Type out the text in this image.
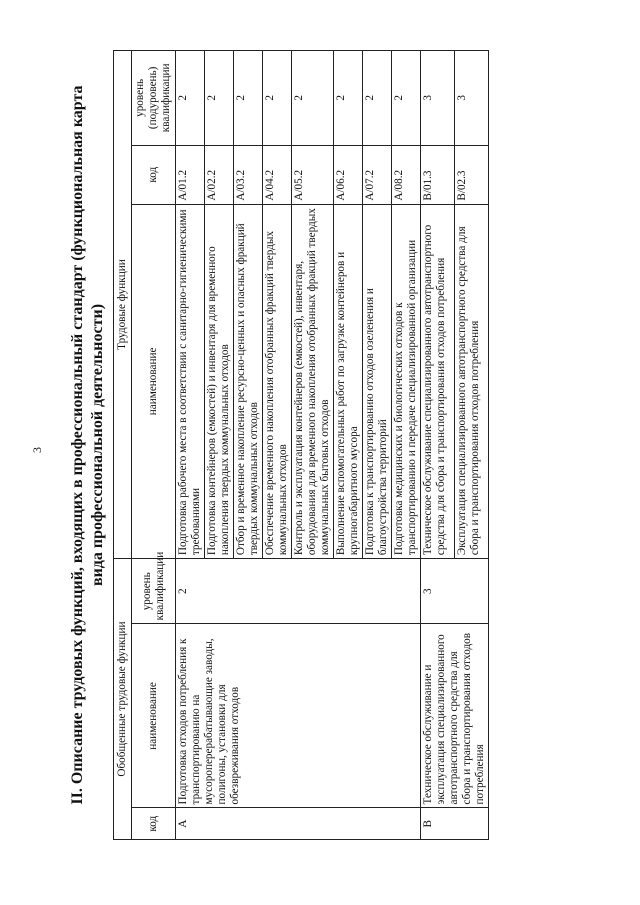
3 II. Описание трудовых функций, входящих в профессиональный стандарт (функциональная карта вида профессиональной деятельности)
Обобщенные трудовые функции			Трудовые функции		
код	наименование	уровень квалификации	наименование	код	уровень (подуровень) квалификации
А	Подготовка отходов потребления к транспортированию на мусороперерабатывающие заводы, полигоны, установки для обезвреживания отходов	2	Подготовка рабочего места в соответствии с санитарно-гигиеническими требованиями	A/01.2	2
			Подготовка контейнеров (емкостей) и инвентаря для временного накопления твердых коммунальных отходов	A/02.2	2
			Отбор и временное накопление ресурсно-ценных и опасных фракций твердых коммунальных отходов	A/03.2	2
			Обеспечение временного накопления отобранных фракций твердых коммунальных отходов	A/04.2	2
			Контроль и эксплуатация контейнеров (емкостей), инвентаря, оборудования для временного накопления отобранных фракций твердых коммунальных бытовых отходов	A/05.2	2
			Выполнение вспомогательных работ по загрузке контейнеров и крупногабаритного мусора	A/06.2	2
			Подготовка к транспортированию отходов озеленения и благоустройства территорий	A/07.2	2
			Подготовка медицинских и биологических отходов к транспортированию и передаче специализированной организации	A/08.2	2
В	Техническое обслуживание и эксплуатация специализированного автотранспортного средства для сбора и транспортирования отходов потребления	3	Техническое обслуживание специализированного автотранспортного средства для сбора и транспортирования отходов потребления	B/01.3	3
			Эксплуатация специализированного автотранспортного средства для сбора и транспортирования отходов потребления	B/02.3	3
